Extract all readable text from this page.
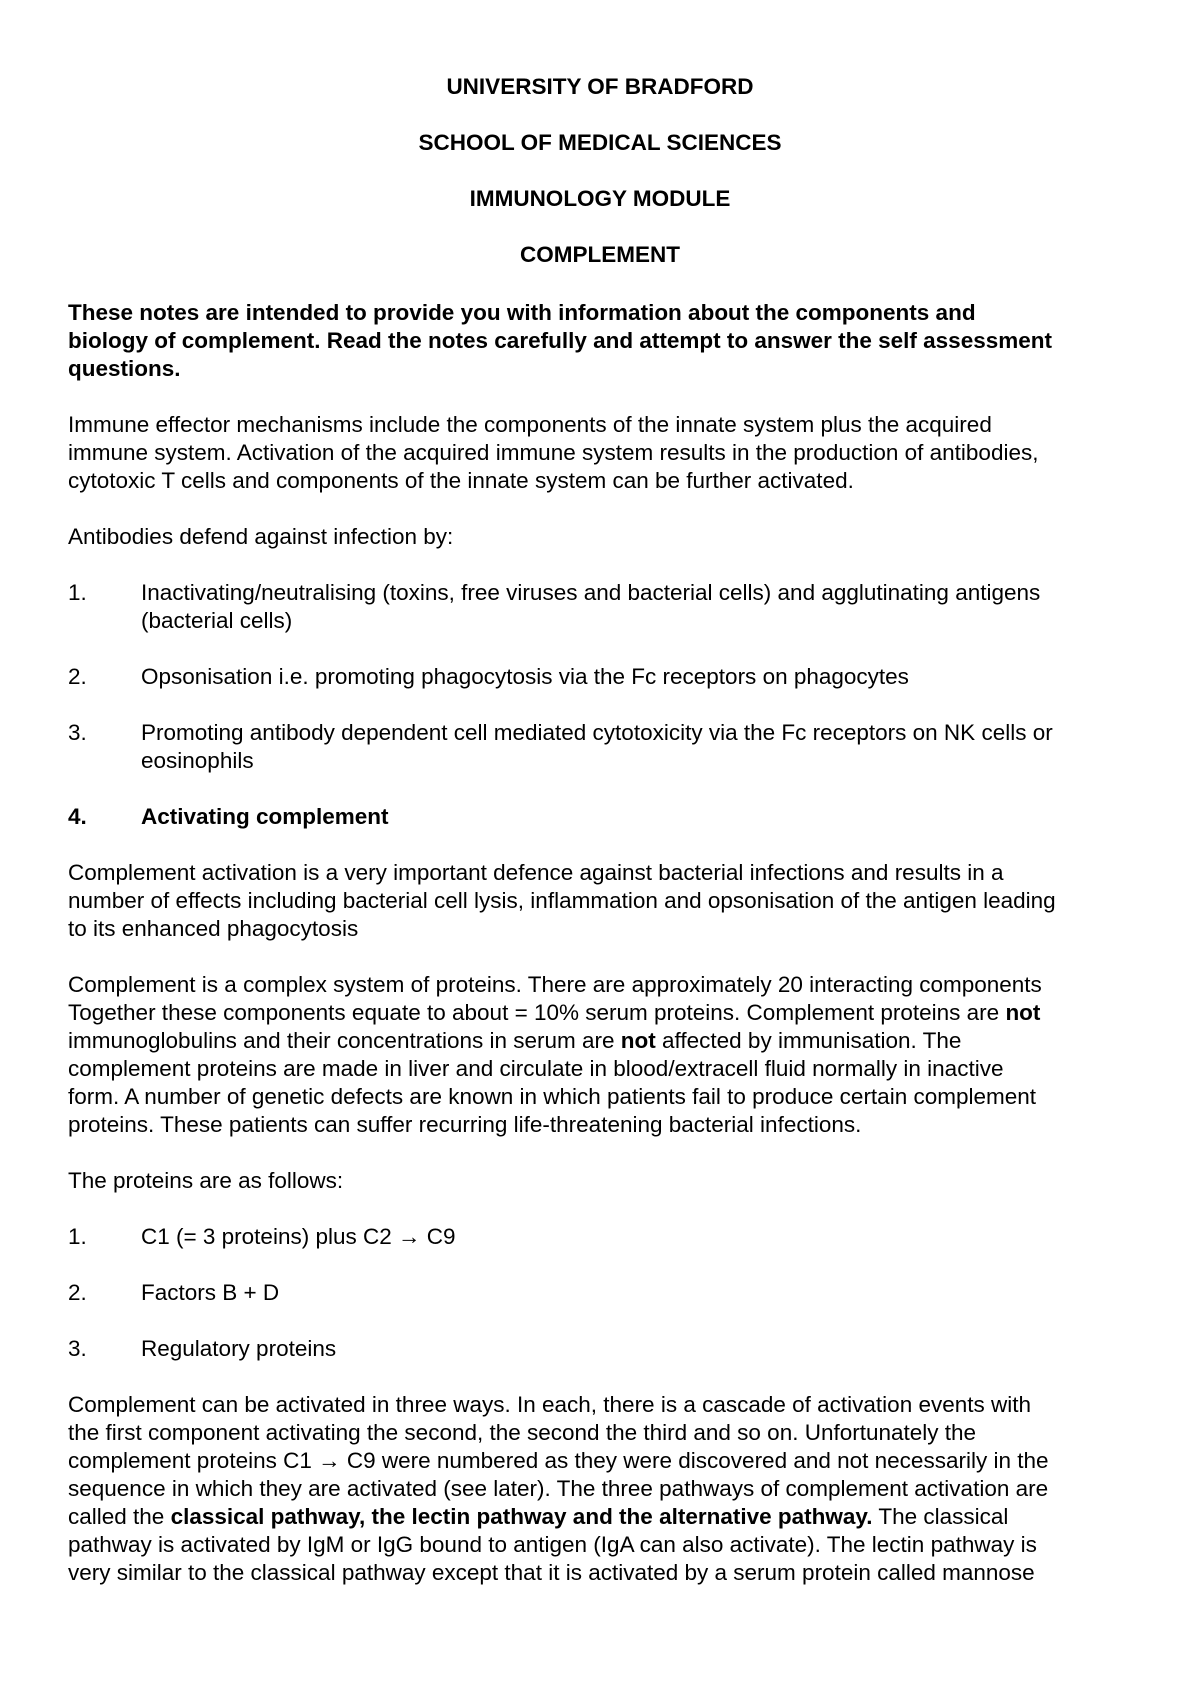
UNIVERSITY OF BRADFORD
SCHOOL OF MEDICAL SCIENCES
IMMUNOLOGY MODULE
COMPLEMENT
These notes are intended to provide you with information about the components and
biology of complement. Read the notes carefully and attempt to answer the self assessment
questions.
Immune effector mechanisms include the components of the innate system plus the acquired
immune system. Activation of the acquired immune system results in the production of antibodies,
cytotoxic T cells and components of the innate system can be further activated.
Antibodies defend against infection by:
1. Inactivating/neutralising (toxins, free viruses and bacterial cells) and agglutinating antigens
(bacterial cells)
2. Opsonisation i.e. promoting phagocytosis via the Fc receptors on phagocytes
3. Promoting antibody dependent cell mediated cytotoxicity via the Fc receptors on NK cells or
eosinophils
4. Activating complement
Complement activation is a very important defence against bacterial infections and results in a
number of effects including bacterial cell lysis, inflammation and opsonisation of the antigen leading
to its enhanced phagocytosis
Complement is a complex system of proteins. There are approximately 20 interacting components
Together these components equate to about = 10% serum proteins. Complement proteins are not
immunoglobulins and their concentrations in serum are not affected by immunisation. The
complement proteins are made in liver and circulate in blood/extracell fluid normally in inactive
form. A number of genetic defects are known in which patients fail to produce certain complement
proteins. These patients can suffer recurring life-threatening bacterial infections.
The proteins are as follows:
1. C1 (= 3 proteins) plus C2 → C9
2. Factors B + D
3. Regulatory proteins
Complement can be activated in three ways. In each, there is a cascade of activation events with
the first component activating the second, the second the third and so on. Unfortunately the
complement proteins C1 → C9 were numbered as they were discovered and not necessarily in the
sequence in which they are activated (see later). The three pathways of complement activation are
called the classical pathway, the lectin pathway and the alternative pathway. The classical
pathway is activated by IgM or IgG bound to antigen (IgA can also activate). The lectin pathway is
very similar to the classical pathway except that it is activated by a serum protein called mannose
